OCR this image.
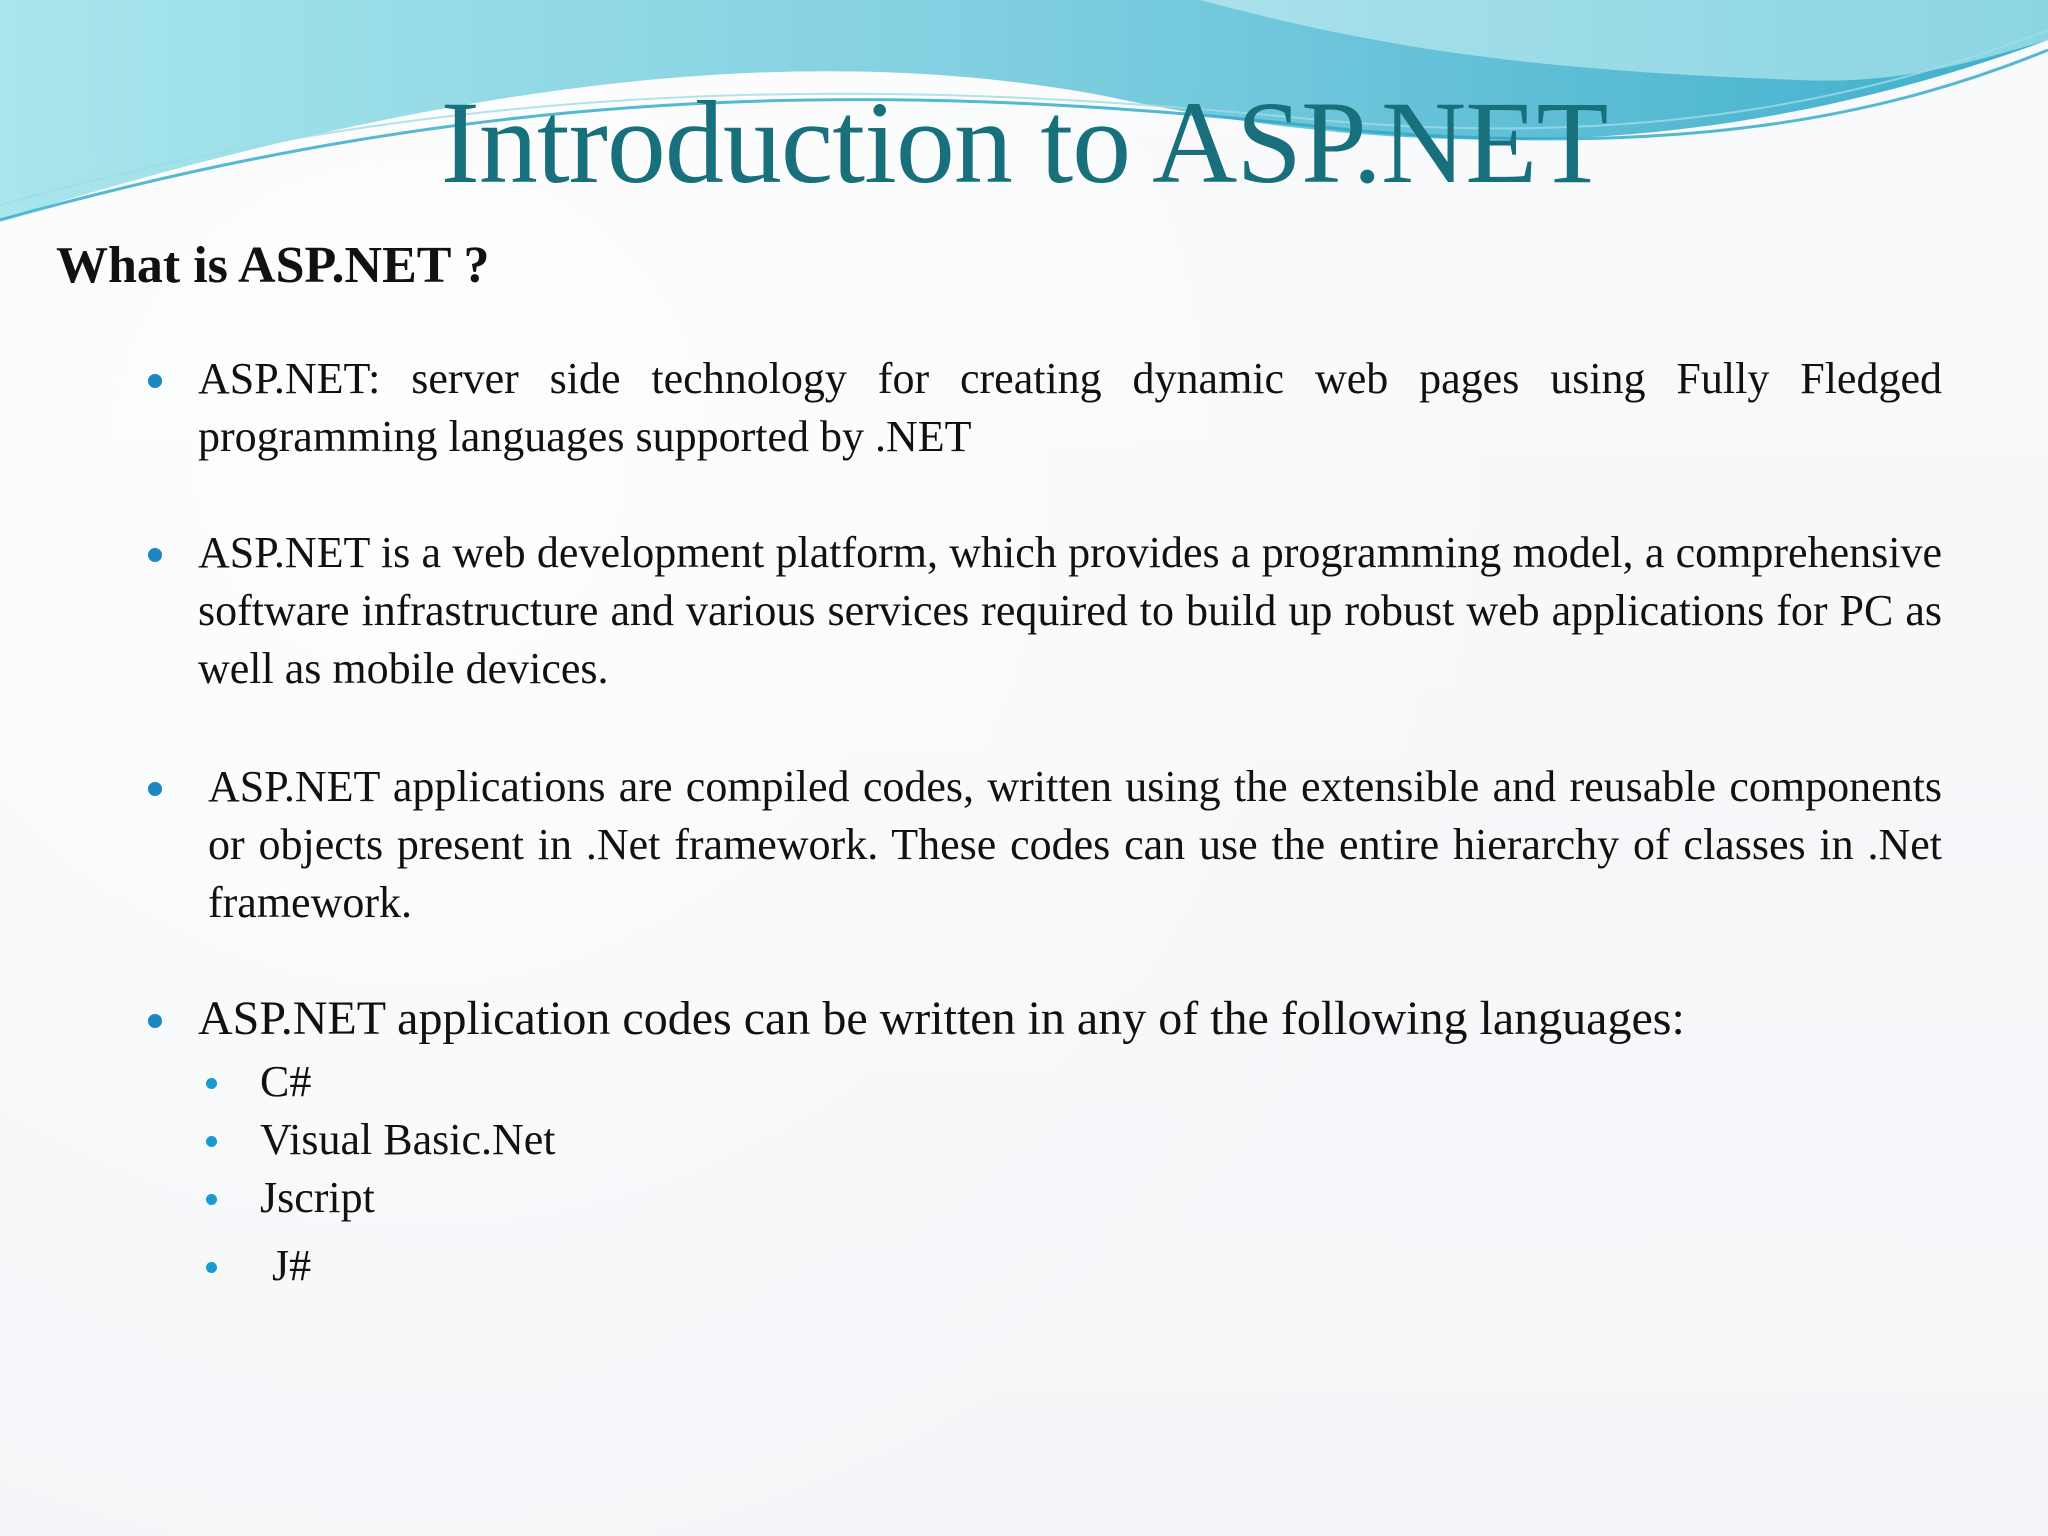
Introduction to ASP.NET
What is ASP.NET ?
ASP.NET: server side technology for creating dynamic web pages using Fully Fledged programming languages supported by .NET
ASP.NET is a web development platform, which provides a programming model, a comprehensive software infrastructure and various services required to build up robust web applications for PC as well as mobile devices.
ASP.NET applications are compiled codes, written using the extensible and reusable components or objects present in .Net framework. These codes can use the entire hierarchy of classes in .Net framework.
ASP.NET application codes can be written in any of the following languages:
C#
Visual Basic.Net
Jscript
J#
